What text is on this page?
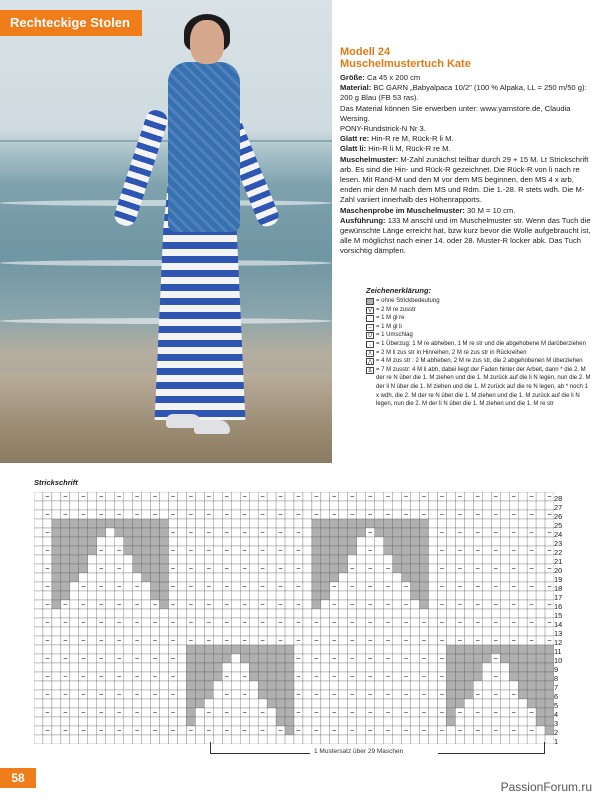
Rechteckige Stolen
Modell 24
Muschelmustertuch Kate

Größe: Ca 45 x 200 cm

Material: BC GARN „Babyalpaca 10/2" (100 % Alpaka, LL = 250 m/50 g): 200 g Blau (FB 53 ras).

Das Material können Sie erwerben unter: www.yarnstore.de, Claudia Wersing.

PONY-Rundstrick-N Nr 3.

Glatt re: Hin-R re M, Rück-R li M.

Glatt li: Hin-R li M, Rück-R re M.

Muschelmuster: M-Zahl zunächst teilbar durch 29 + 15 M. Lt Strickschrift arb. Es sind die Hin- und Rück-R gezeichnet. Die Rück-R von li nach re lesen. Mit Rand-M und den M vor dem MS beginnen, den MS 4 x arb, enden mir den M nach dem MS und Rdm. Die 1.-28. R stets wdh. Die M-Zahl variiert innerhalb des Höhenrapports.

Maschenprobe im Muschelmuster: 30 M = 10 cm.

Ausführung: 133 M anschl und im Muschelmuster str. Wenn das Tuch die gewünschte Länge erreicht hat, bzw kurz bevor die Wolle aufgebraucht ist, alle M möglichst nach einer 14. oder 28. Muster-R locker abk. Das Tuch vorsichtig dämpfen.

Zeichenerklärung:
= ohne Strickbedeutung
V = 2 M re zusstr
= 1 M gl re
– = 1 M gl li
U = 1 Umschlag
↓ = 1 Überzug: 1 M re abheben, 1 M re str und die abgehobene M darüberziehen
Λ = 2 M li zus str in Hinreihen, 2 M re zus str in Rückreihen
⋀ = 4 M zus str : 2 M abheben, 2 M re zus str, die 2 abgehobenen M überziehen
Δ = 7 M zusstr: 4 M li abh, dabei liegt der Faden hinter der Arbeit, dann * die 2. M der re N über die 1. M ziehen und die 1. M zurück auf die li N legen, nun die 2. M der li N über die 1. M ziehen und die 1. M zurück auf die re N legen, ab * noch 1 x wdh, die 2. M der re N über die 1. M ziehen und die 1. M zurück auf die li N legen, nun die 2. M der li N über die 1. M ziehen und die 1. M re str
Strickschrift
28
27
26
25
24
23
22
21
20
19
18
17
16
15
14
13
12
11
10
9
8
7
6
5
4
3
2
1
1 Mustersatz über 29 Maschen
58
PassionForum.ru
